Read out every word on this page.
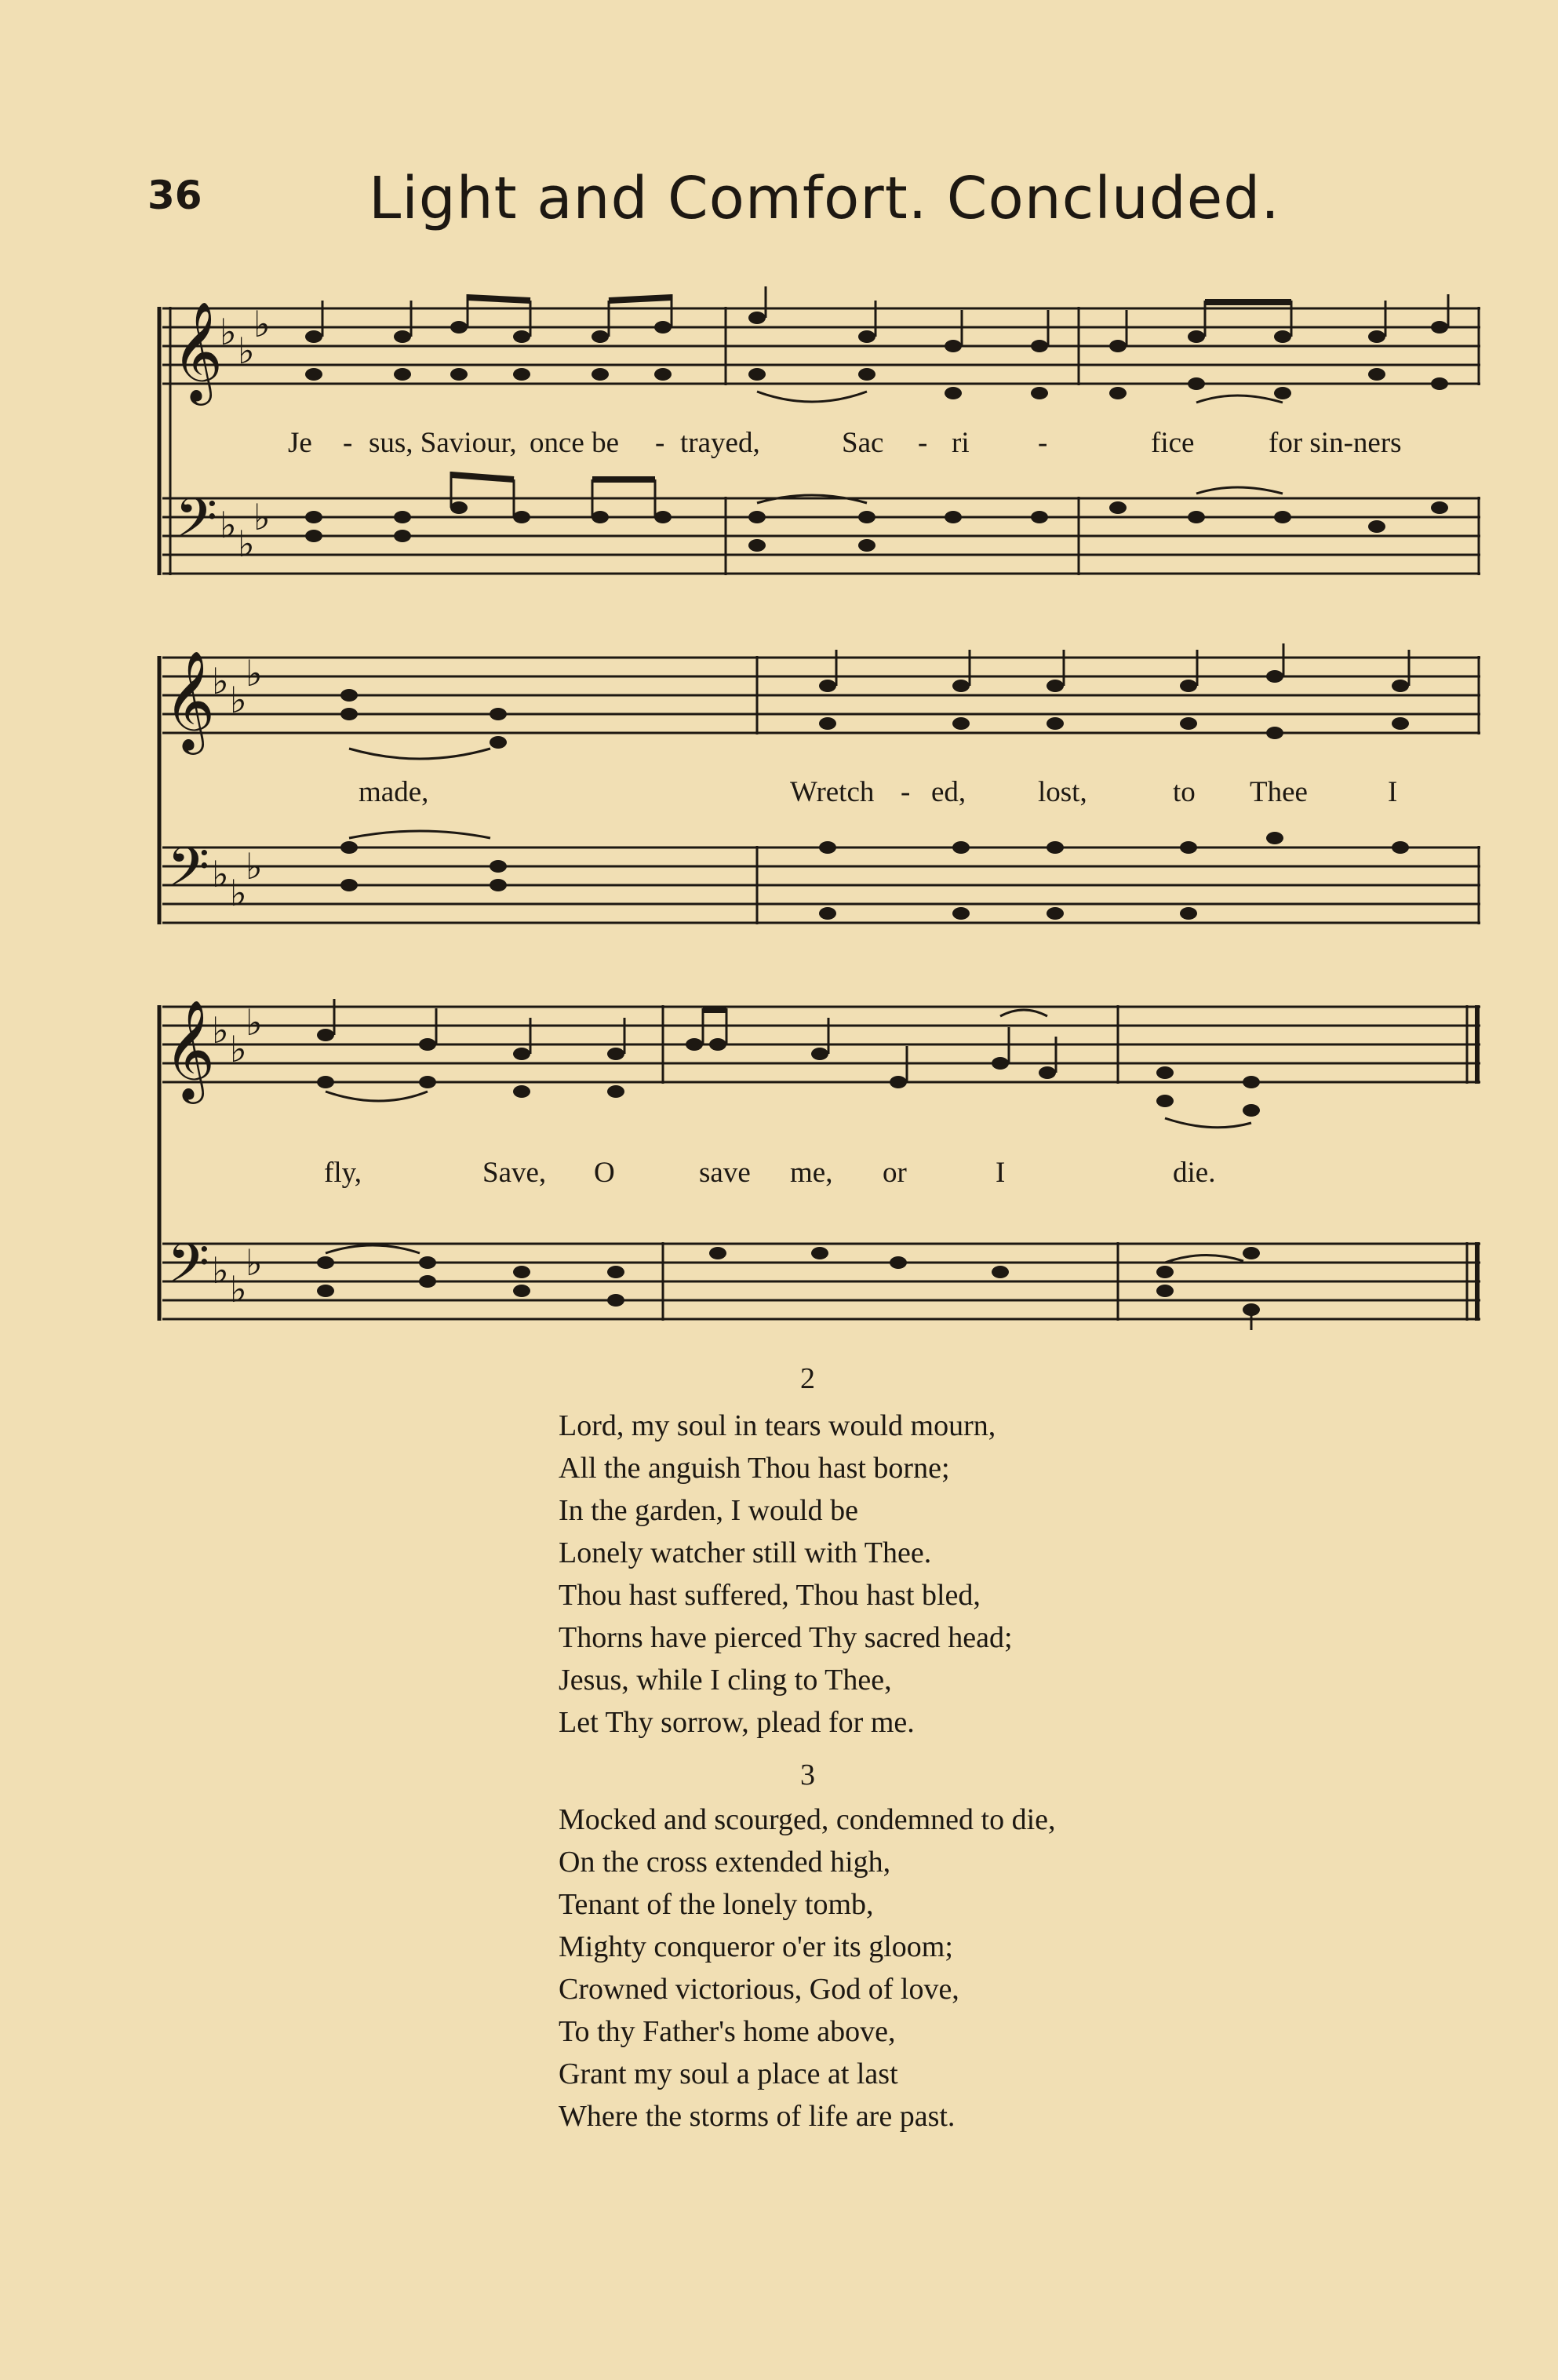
36	Light and Comfort. Concluded.
𝄞
𝄢
♭ ♭
♭
♭ ♭
♭
Je - sus, Saviour, once be - trayed,	Sac - ri -	fice	for sin-ners
𝄞
𝄢
♭ ♭
♭
♭ ♭
♭
made,	Wretch - ed, lost,	to Thee	I
𝄞
𝄢
♭ ♭
♭
♭ ♭
♭
fly,	Save, O	save me, or	I	die.
2
Lord, my soul in tears would mourn,
All the anguish Thou hast borne;
In the garden, I would be
Lonely watcher still with Thee.
Thou hast suffered, Thou hast bled,
Thorns have pierced Thy sacred head;
Jesus, while I cling to Thee,
Let Thy sorrow, plead for me.
3
Mocked and scourged, condemned to die,
On the cross extended high,
Tenant of the lonely tomb,
Mighty conqueror o'er its gloom;
Crowned victorious, God of love,
To thy Father's home above,
Grant my soul a place at last
Where the storms of life are past.
